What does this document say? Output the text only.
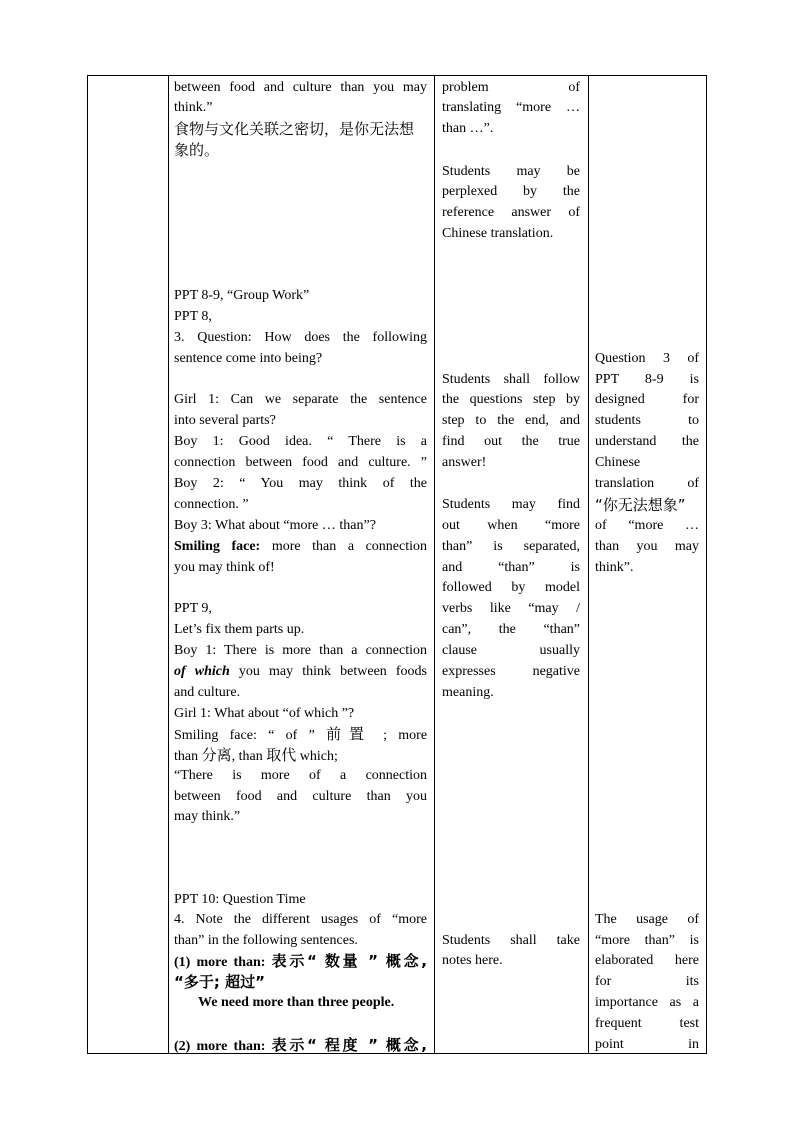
between food and culture than you may
think.”
食物与文化关联之密切，是你无法想
象的。
PPT 8-9, “Group Work”
PPT 8,
3. Question: How does the following
sentence come into being?
Girl 1: Can we separate the sentence
into several parts?
Boy 1: Good idea. “ There is a
connection between food and culture. ”
Boy 2: “ You may think of the
connection. ”
Boy 3: What about “more … than”?
Smiling face: more than a connection
you may think of!
PPT 9,
Let’s fix them parts up.
Boy 1: There is more than a connection
of which you may think between foods
and culture.
Girl 1: What about “of which ”?
Smiling face: “ of ” 前置 ; more
than 分离, than 取代 which;
“There is more of a connection
between food and culture than you
may think.”
PPT 10: Question Time
4. Note the different usages of “more
than” in the following sentences.
(1) more than: 表示“ 数量 ” 概念,
“多于; 超过”
We need more than three people.
(2) more than: 表示“ 程度 ” 概念,
problem of
translating “more …
than …”.
Students may be
perplexed by the
reference answer of
Chinese translation.
Students shall follow
the questions step by
step to the end, and
find out the true
answer!
Students may find
out when “more
than” is separated,
and “than” is
followed by model
verbs like “may /
can”, the “than”
clause usually
expresses negative
meaning.
Students shall take
notes here.
Question 3 of
PPT 8-9 is
designed for
students to
understand the
Chinese
translation of
“你无法想象”
of “more …
than you may
think”.
The usage of
“more than” is
elaborated here
for its
importance as a
frequent test
point in
